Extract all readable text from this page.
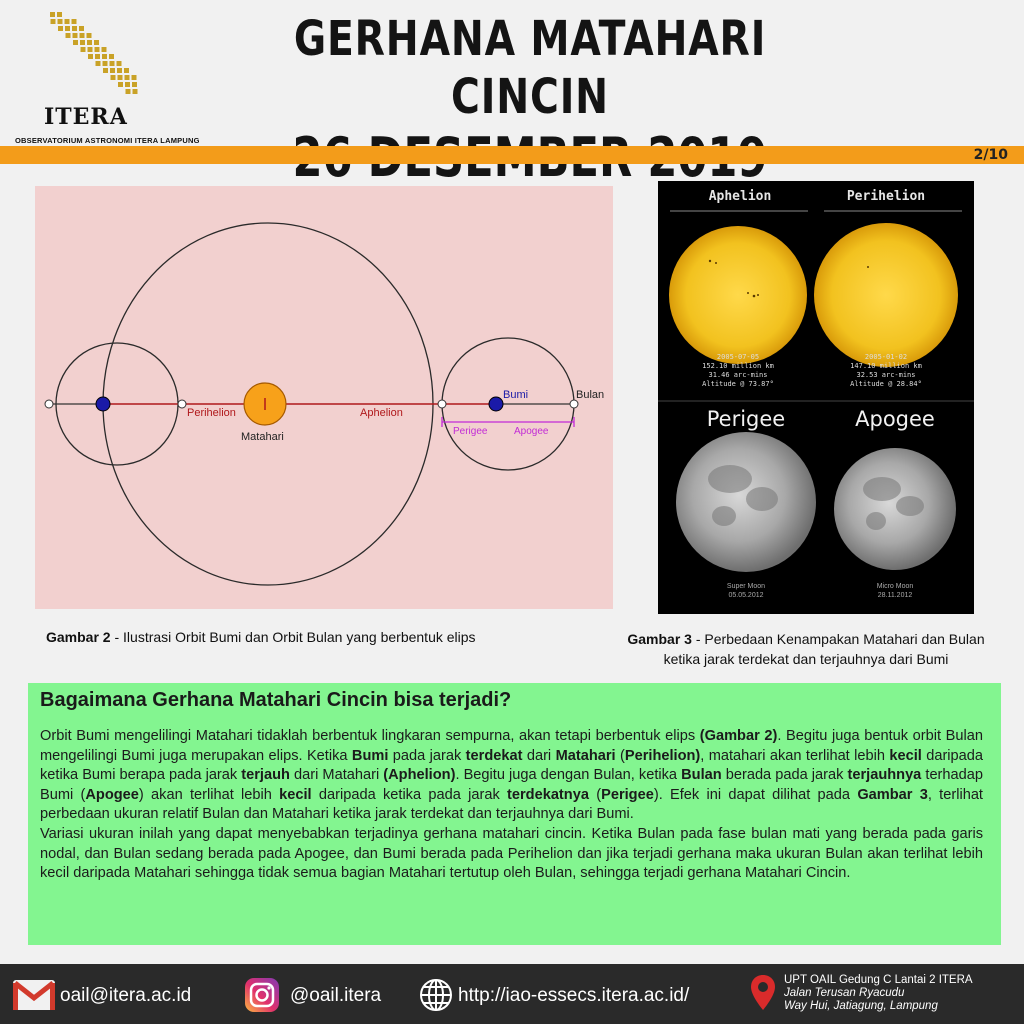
ITERA
OBSERVATORIUM ASTRONOMI ITERA LAMPUNG
GERHANA MATAHARI CINCIN
2/10
Perihelion	Aphelion
Matahari
Bumi	Bulan
Perigee	Apogee
Gambar 2 - Ilustrasi Orbit Bumi dan Orbit Bulan yang berbentuk elips
Aphelion	Perihelion
2005-07-05
152.10 million km
31.46 arc-mins
Altitude @ 73.87°
2005-01-02
147.10 million km
32.53 arc-mins
Altitude @ 28.84°
Perigee	Apogee
Super Moon
05.05.2012
Micro Moon
28.11.2012
Gambar 3 - Perbedaan Kenampakan Matahari dan Bulan
ketika jarak terdekat dan terjauhnya dari Bumi
Bagaimana Gerhana Matahari Cincin bisa terjadi?

Orbit Bumi mengelilingi Matahari tidaklah berbentuk lingkaran sempurna, akan tetapi berbentuk elips (Gambar 2). Begitu juga bentuk orbit Bulan mengelilingi Bumi juga merupakan elips. Ketika Bumi pada jarak terdekat dari Matahari (Perihelion), matahari akan terlihat lebih kecil daripada ketika Bumi berapa pada jarak terjauh dari Matahari (Aphelion). Begitu juga dengan Bulan, ketika Bulan berada pada jarak terjauhnya terhadap Bumi (Apogee) akan terlihat lebih kecil daripada ketika pada jarak terdekatnya (Perigee). Efek ini dapat dilihat pada Gambar 3, terlihat perbedaan ukuran relatif Bulan dan Matahari ketika jarak terdekat dan terjauhnya dari Bumi.

Variasi ukuran inilah yang dapat menyebabkan terjadinya gerhana matahari cincin. Ketika Bulan pada fase bulan mati yang berada pada garis nodal, dan Bulan sedang berada pada Apogee, dan Bumi berada pada Perihelion dan jika terjadi gerhana maka ukuran Bulan akan terlihat lebih kecil daripada Matahari sehingga tidak semua bagian Matahari tertutup oleh Bulan, sehingga terjadi gerhana Matahari Cincin.

oail@itera.ac.id	@oail.itera	http://iao-essecs.itera.ac.id/
UPT OAIL Gedung C Lantai 2 ITERA
Jalan Terusan Ryacudu
Way Hui, Jatiagung, Lampung
